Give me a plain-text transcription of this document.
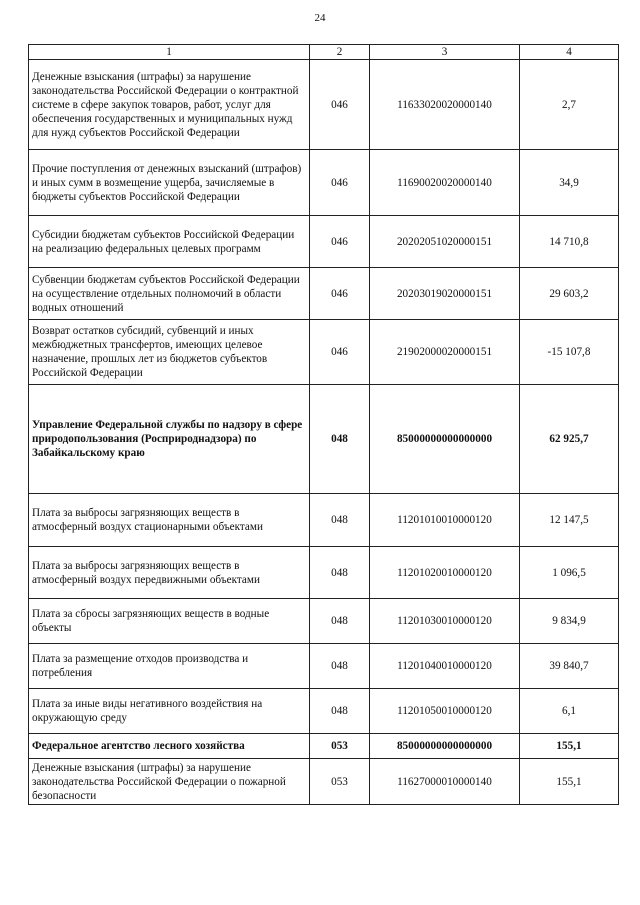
24
1	2	3	4
Денежные взыскания (штрафы) за нарушение законодательства Российской Федерации о контрактной системе в сфере закупок товаров, работ, услуг для обеспечения государственных и муниципальных нужд для нужд субъектов Российской Федерации	046	11633020020000140	2,7
Прочие поступления от денежных взысканий (штрафов) и иных сумм в возмещение ущерба, зачисляемые в бюджеты субъектов Российской Федерации	046	11690020020000140	34,9
Субсидии бюджетам субъектов Российской Федерации на реализацию федеральных целевых программ	046	20202051020000151	14 710,8
Субвенции бюджетам субъектов Российской Федерации на осуществление отдельных полномочий в области водных отношений	046	20203019020000151	29 603,2
Возврат остатков субсидий, субвенций и иных межбюджетных трансфертов, имеющих целевое назначение, прошлых лет из бюджетов субъектов Российской Федерации	046	21902000020000151	-15 107,8
Управление Федеральной службы по надзору в сфере природопользования (Росприроднадзора) по Забайкальскому краю	048	85000000000000000	62 925,7
Плата за выбросы загрязняющих веществ в атмосферный воздух стационарными объектами	048	11201010010000120	12 147,5
Плата за выбросы загрязняющих веществ в атмосферный воздух передвижными объектами	048	11201020010000120	1 096,5
Плата за сбросы загрязняющих веществ в водные объекты	048	11201030010000120	9 834,9
Плата за размещение отходов производства и потребления	048	11201040010000120	39 840,7
Плата за иные виды негативного воздействия на окружающую среду	048	11201050010000120	6,1
Федеральное агентство лесного хозяйства	053	85000000000000000	155,1
Денежные взыскания (штрафы) за нарушение законодательства Российской Федерации о пожарной безопасности	053	11627000010000140	155,1
